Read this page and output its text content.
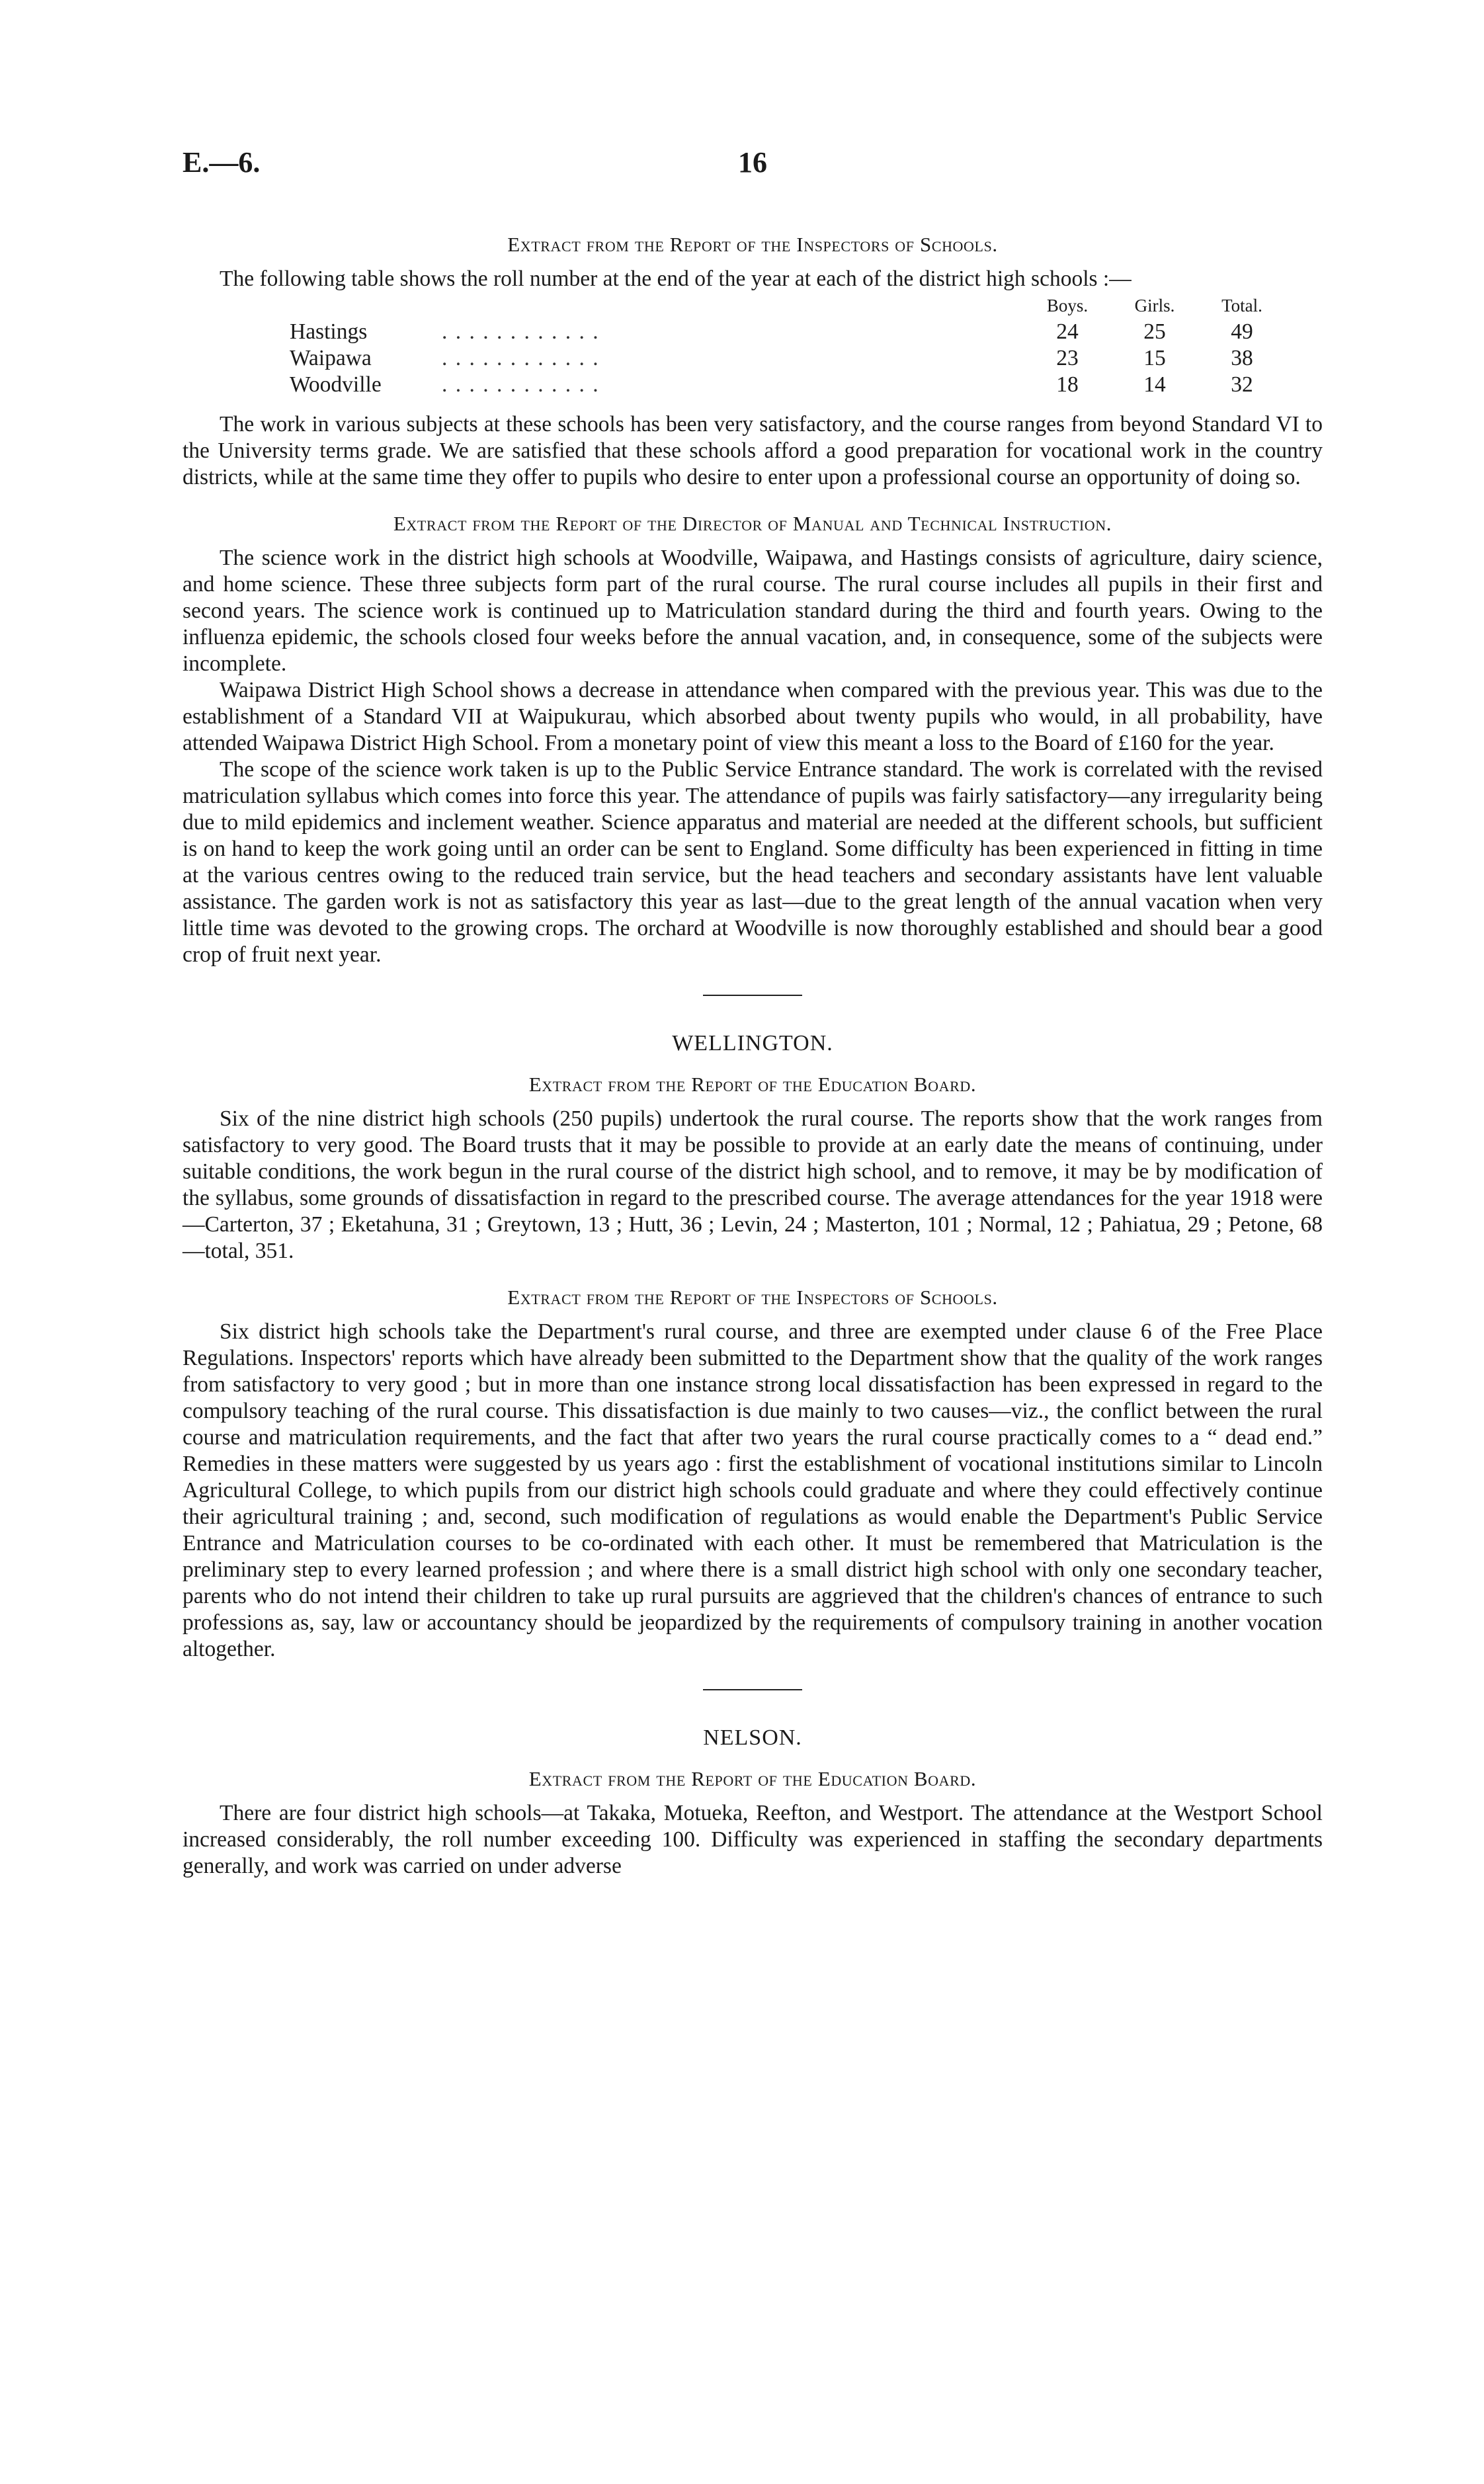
16
E.—6.
Extract from the Report of the Inspectors of Schools.

The following table shows the roll number at the end of the year at each of the district high schools :—

		Boys.	Girls.	Total.
Hastings	. . . . . . . . . . . .	24	25	49
Waipawa	. . . . . . . . . . . .	23	15	38
Woodville	. . . . . . . . . . . .	18	14	32

The work in various subjects at these schools has been very satisfactory, and the course ranges from beyond Standard VI to the University terms grade. We are satisfied that these schools afford a good preparation for vocational work in the country districts, while at the same time they offer to pupils who desire to enter upon a professional course an opportunity of doing so.

Extract from the Report of the Director of Manual and Technical Instruction.

The science work in the district high schools at Woodville, Waipawa, and Hastings consists of agriculture, dairy science, and home science. These three subjects form part of the rural course. The rural course includes all pupils in their first and second years. The science work is continued up to Matriculation standard during the third and fourth years. Owing to the influenza epidemic, the schools closed four weeks before the annual vacation, and, in consequence, some of the subjects were incomplete.

Waipawa District High School shows a decrease in attendance when compared with the previous year. This was due to the establishment of a Standard VII at Waipukurau, which absorbed about twenty pupils who would, in all probability, have attended Waipawa District High School. From a monetary point of view this meant a loss to the Board of £160 for the year.

The scope of the science work taken is up to the Public Service Entrance standard. The work is correlated with the revised matriculation syllabus which comes into force this year. The attendance of pupils was fairly satisfactory—any irregularity being due to mild epidemics and inclement weather. Science apparatus and material are needed at the different schools, but sufficient is on hand to keep the work going until an order can be sent to England. Some difficulty has been experienced in fitting in time at the various centres owing to the reduced train service, but the head teachers and secondary assistants have lent valuable assistance. The garden work is not as satisfactory this year as last—due to the great length of the annual vacation when very little time was devoted to the growing crops. The orchard at Woodville is now thoroughly established and should bear a good crop of fruit next year.

WELLINGTON.
Extract from the Report of the Education Board.

Six of the nine district high schools (250 pupils) undertook the rural course. The reports show that the work ranges from satisfactory to very good. The Board trusts that it may be possible to provide at an early date the means of continuing, under suitable conditions, the work begun in the rural course of the district high school, and to remove, it may be by modification of the syllabus, some grounds of dissatisfaction in regard to the prescribed course. The average attendances for the year 1918 were—Carterton, 37 ; Eketahuna, 31 ; Greytown, 13 ; Hutt, 36 ; Levin, 24 ; Masterton, 101 ; Normal, 12 ; Pahiatua, 29 ; Petone, 68—total, 351.

Extract from the Report of the Inspectors of Schools.

Six district high schools take the Department's rural course, and three are exempted under clause 6 of the Free Place Regulations. Inspectors' reports which have already been submitted to the Department show that the quality of the work ranges from satisfactory to very good ; but in more than one instance strong local dissatisfaction has been expressed in regard to the compulsory teaching of the rural course. This dissatisfaction is due mainly to two causes—viz., the conflict between the rural course and matriculation requirements, and the fact that after two years the rural course practically comes to a “ dead end.” Remedies in these matters were suggested by us years ago : first the establishment of vocational institutions similar to Lincoln Agricultural College, to which pupils from our district high schools could graduate and where they could effectively continue their agricultural training ; and, second, such modification of regulations as would enable the Department's Public Service Entrance and Matriculation courses to be co-ordinated with each other. It must be remembered that Matriculation is the preliminary step to every learned profession ; and where there is a small district high school with only one secondary teacher, parents who do not intend their children to take up rural pursuits are aggrieved that the children's chances of entrance to such professions as, say, law or accountancy should be jeopardized by the requirements of compulsory training in another vocation altogether.

NELSON.
Extract from the Report of the Education Board.

There are four district high schools—at Takaka, Motueka, Reefton, and Westport. The attendance at the Westport School increased considerably, the roll number exceeding 100. Difficulty was experienced in staffing the secondary departments generally, and work was carried on under adverse
